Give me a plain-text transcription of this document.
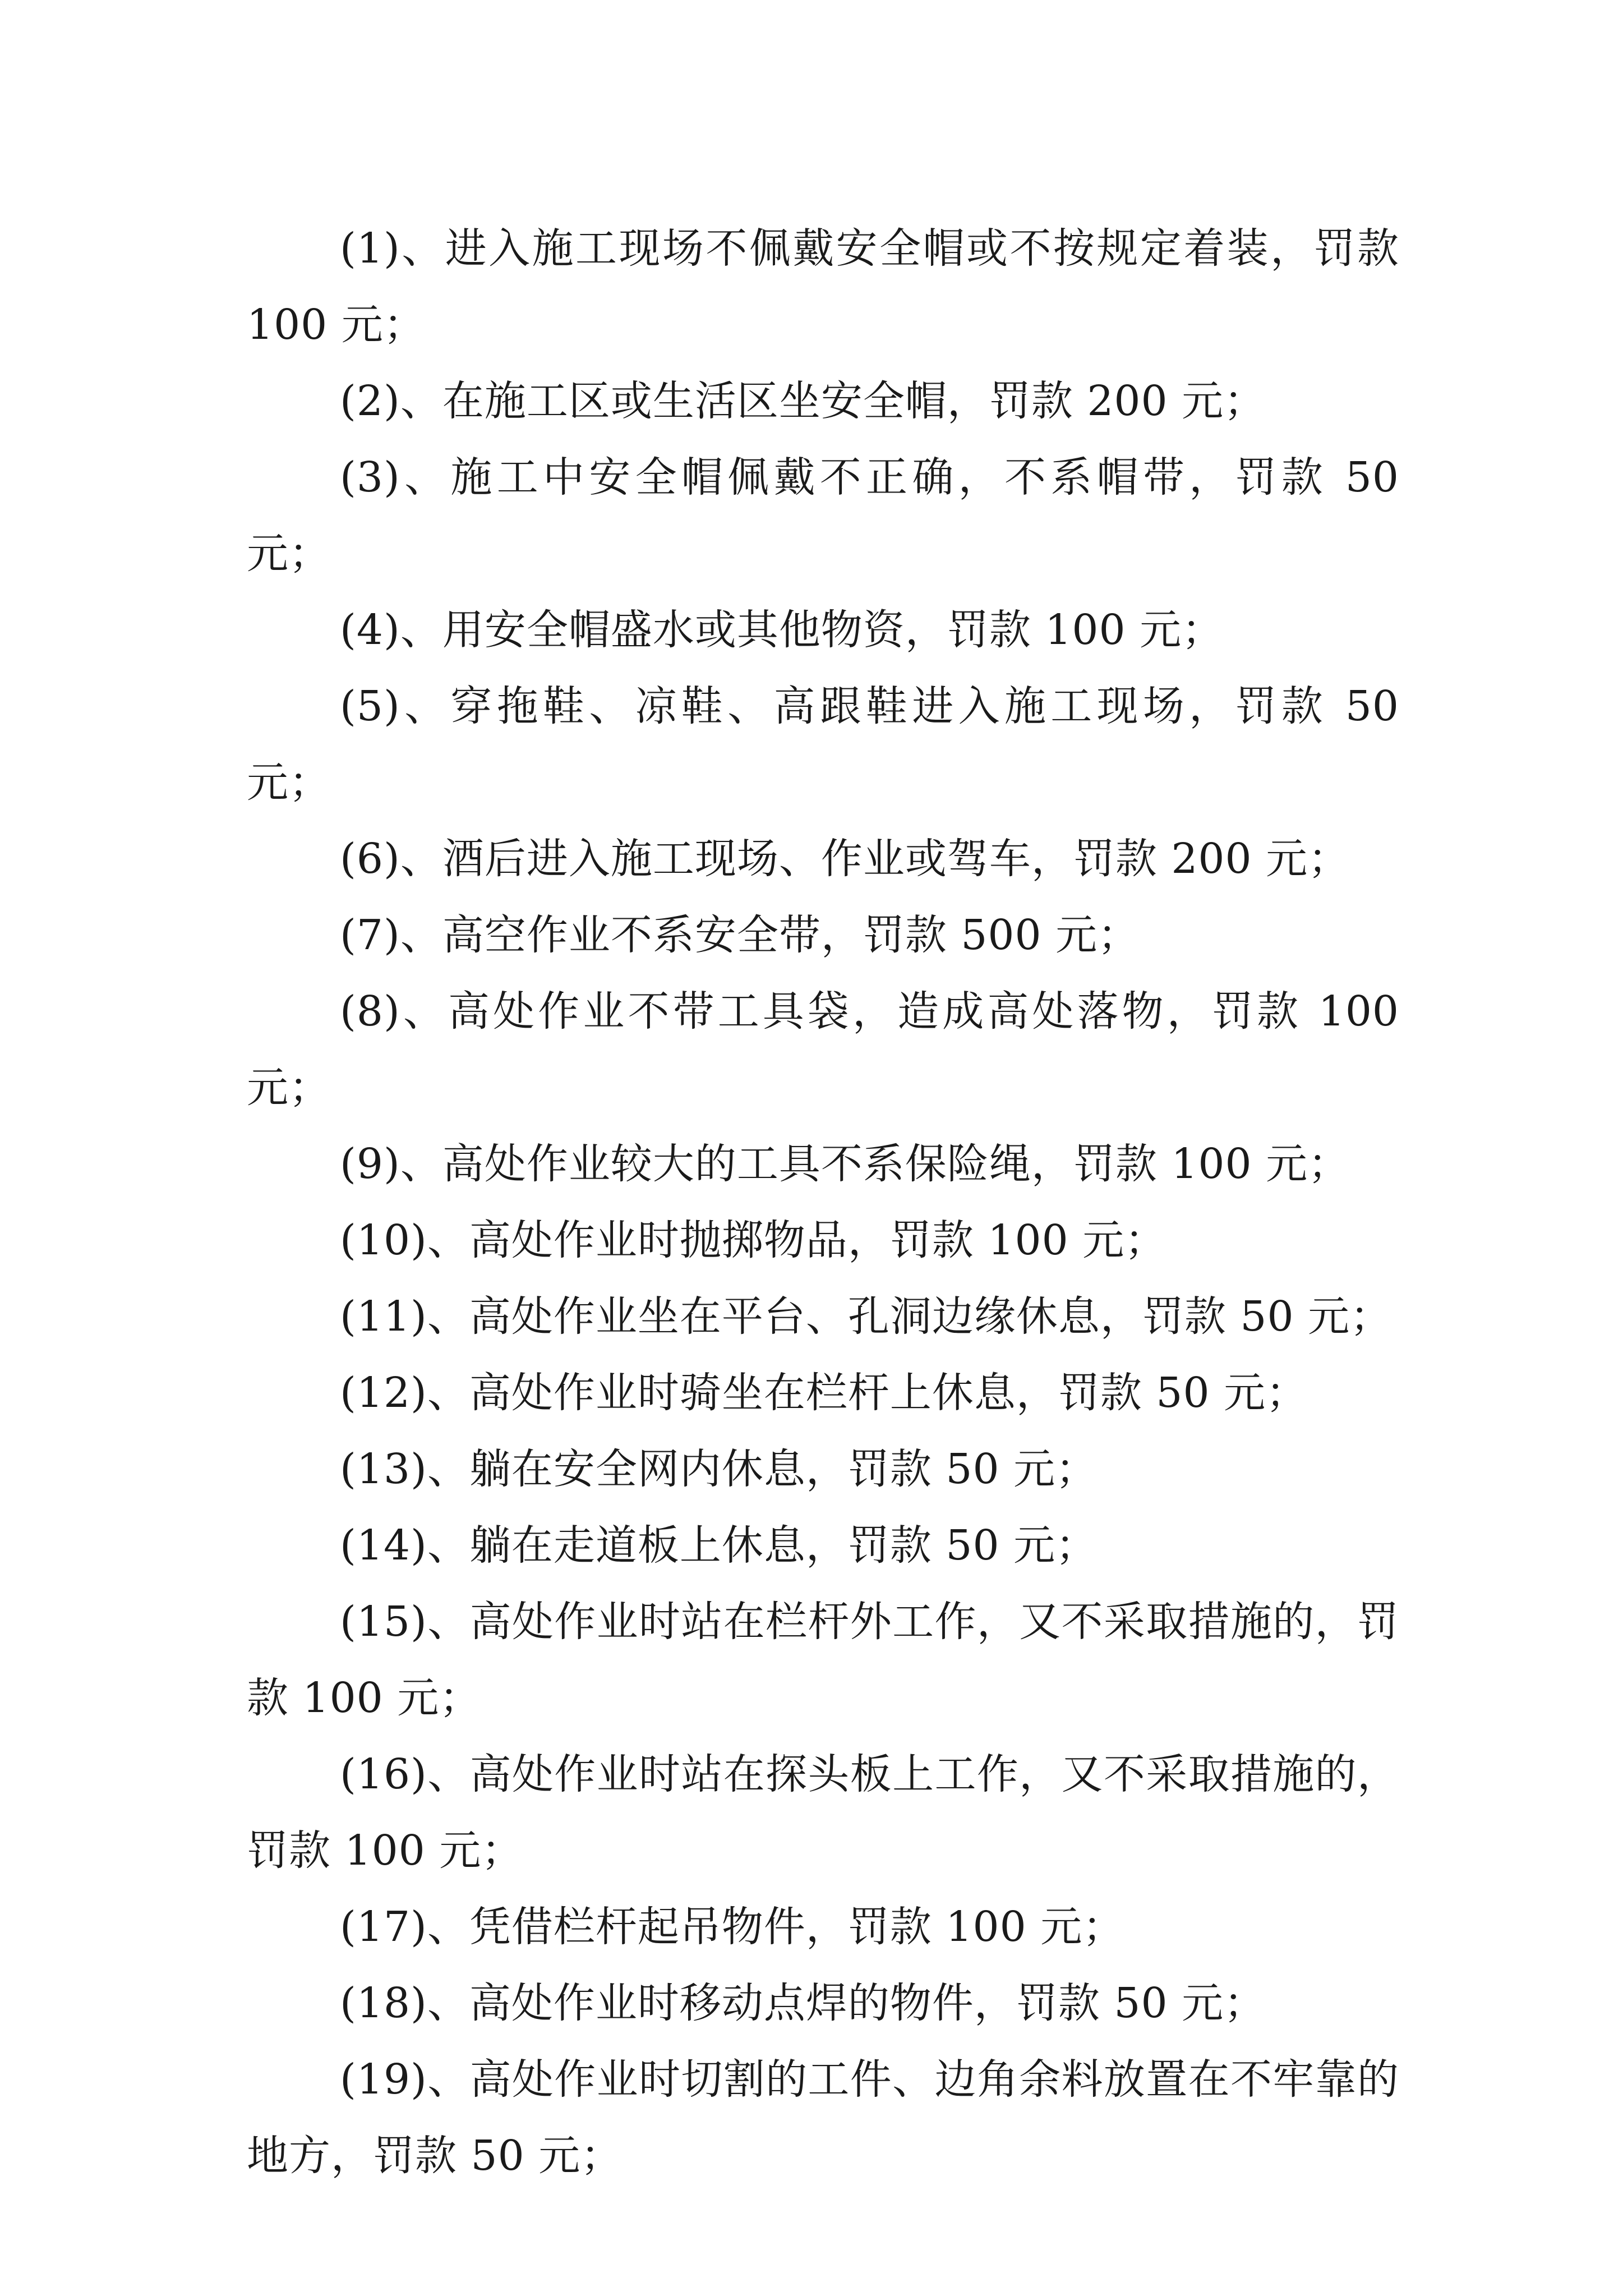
(1)、进入施工现场不佩戴安全帽或不按规定着装，罚款 100 元；

(2)、在施工区或生活区坐安全帽，罚款 200 元；

(3)、施工中安全帽佩戴不正确，不系帽带，罚款 50 元；

(4)、用安全帽盛水或其他物资，罚款 100 元；

(5)、穿拖鞋、凉鞋、高跟鞋进入施工现场，罚款 50 元；

(6)、酒后进入施工现场、作业或驾车，罚款 200 元；

(7)、高空作业不系安全带，罚款 500 元；

(8)、高处作业不带工具袋，造成高处落物，罚款 100 元；

(9)、高处作业较大的工具不系保险绳，罚款 100 元；

(10)、高处作业时抛掷物品，罚款 100 元；

(11)、高处作业坐在平台、孔洞边缘休息，罚款 50 元；

(12)、高处作业时骑坐在栏杆上休息，罚款 50 元；

(13)、躺在安全网内休息，罚款 50 元；

(14)、躺在走道板上休息，罚款 50 元；

(15)、高处作业时站在栏杆外工作，又不采取措施的，罚款 100 元；

(16)、高处作业时站在探头板上工作，又不采取措施的，罚款 100 元；

(17)、凭借栏杆起吊物件，罚款 100 元；

(18)、高处作业时移动点焊的物件，罚款 50 元；

(19)、高处作业时切割的工件、边角余料放置在不牢靠的地方，罚款 50 元；
